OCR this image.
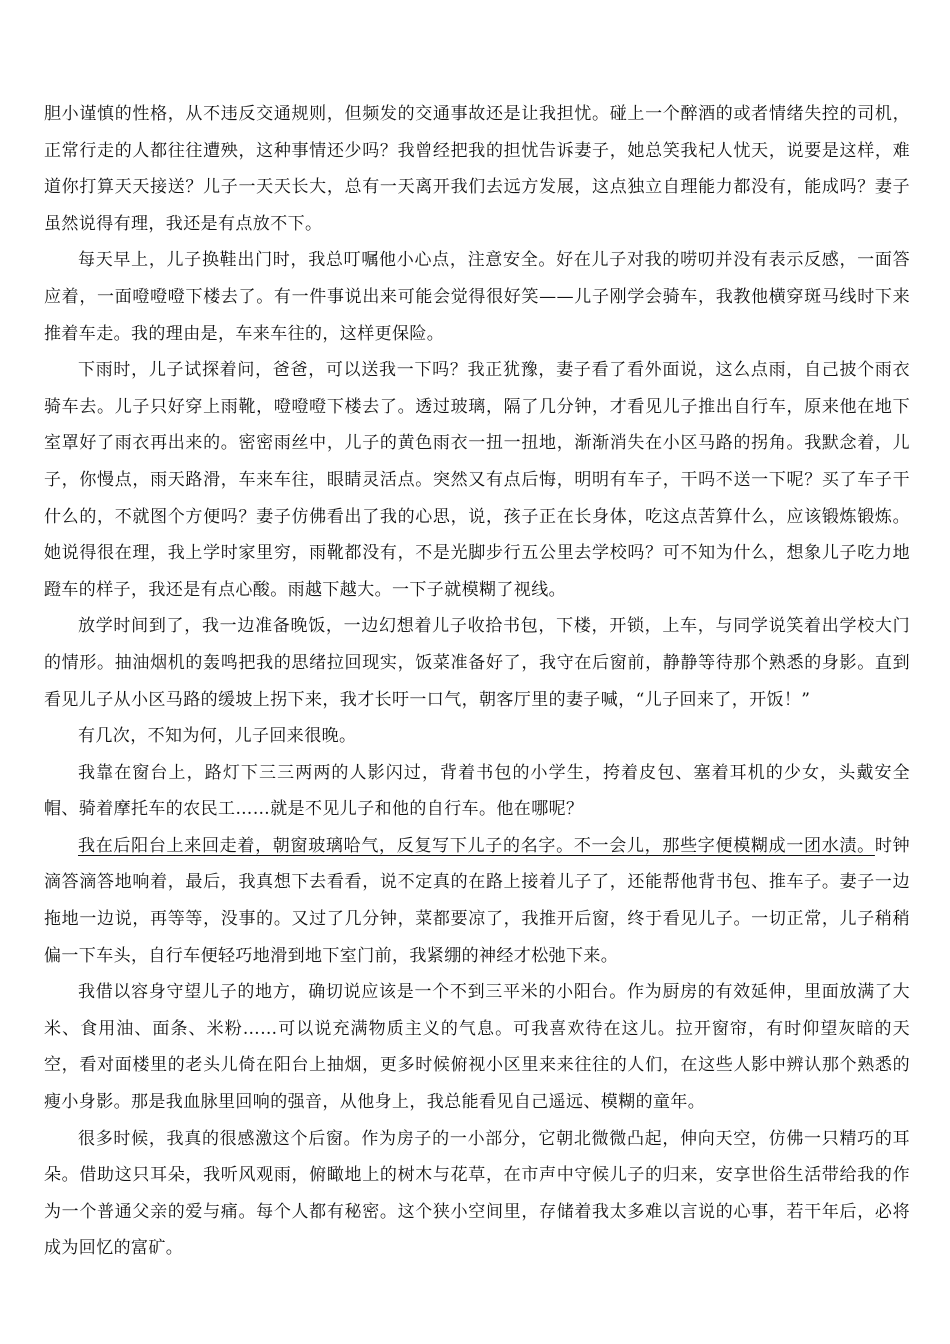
胆小谨慎的性格，从不违反交通规则，但频发的交通事故还是让我担忧。碰上一个醉酒的或者情绪失控的司机，正常行走的人都往往遭殃，这种事情还少吗？我曾经把我的担忧告诉妻子，她总笑我杞人忧天，说要是这样，难道你打算天天接送？儿子一天天长大，总有一天离开我们去远方发展，这点独立自理能力都没有，能成吗？妻子虽然说得有理，我还是有点放不下。

每天早上，儿子换鞋出门时，我总叮嘱他小心点，注意安全。好在儿子对我的唠叨并没有表示反感，一面答应着，一面噔噔噔下楼去了。有一件事说出来可能会觉得很好笑——儿子刚学会骑车，我教他横穿斑马线时下来推着车走。我的理由是，车来车往的，这样更保险。

下雨时，儿子试探着问，爸爸，可以送我一下吗？我正犹豫，妻子看了看外面说，这么点雨，自己披个雨衣骑车去。儿子只好穿上雨靴，噔噔噔下楼去了。透过玻璃，隔了几分钟，才看见儿子推出自行车，原来他在地下室罩好了雨衣再出来的。密密雨丝中，儿子的黄色雨衣一扭一扭地，渐渐消失在小区马路的拐角。我默念着，儿子，你慢点，雨天路滑，车来车往，眼睛灵活点。突然又有点后悔，明明有车子，干吗不送一下呢？买了车子干什么的，不就图个方便吗？妻子仿佛看出了我的心思，说，孩子正在长身体，吃这点苦算什么，应该锻炼锻炼。她说得很在理，我上学时家里穷，雨靴都没有，不是光脚步行五公里去学校吗？可不知为什么，想象儿子吃力地蹬车的样子，我还是有点心酸。雨越下越大。一下子就模糊了视线。

放学时间到了，我一边准备晚饭，一边幻想着儿子收拾书包，下楼，开锁，上车，与同学说笑着出学校大门的情形。抽油烟机的轰鸣把我的思绪拉回现实，饭菜准备好了，我守在后窗前，静静等待那个熟悉的身影。直到看见儿子从小区马路的缓坡上拐下来，我才长吁一口气，朝客厅里的妻子喊，“儿子回来了，开饭！”

有几次，不知为何，儿子回来很晚。

我靠在窗台上，路灯下三三两两的人影闪过，背着书包的小学生，挎着皮包、塞着耳机的少女，头戴安全帽、骑着摩托车的农民工……就是不见儿子和他的自行车。他在哪呢？

我在后阳台上来回走着，朝窗玻璃哈气，反复写下儿子的名字。不一会儿，那些字便模糊成一团水渍。时钟滴答滴答地响着，最后，我真想下去看看，说不定真的在路上接着儿子了，还能帮他背书包、推车子。妻子一边拖地一边说，再等等，没事的。又过了几分钟，菜都要凉了，我推开后窗，终于看见儿子。一切正常，儿子稍稍偏一下车头，自行车便轻巧地滑到地下室门前，我紧绷的神经才松弛下来。

我借以容身守望儿子的地方，确切说应该是一个不到三平米的小阳台。作为厨房的有效延伸，里面放满了大米、食用油、面条、米粉……可以说充满物质主义的气息。可我喜欢待在这儿。拉开窗帘，有时仰望灰暗的天空，看对面楼里的老头儿倚在阳台上抽烟，更多时候俯视小区里来来往往的人们，在这些人影中辨认那个熟悉的瘦小身影。那是我血脉里回响的强音，从他身上，我总能看见自己遥远、模糊的童年。

很多时候，我真的很感激这个后窗。作为房子的一小部分，它朝北微微凸起，伸向天空，仿佛一只精巧的耳朵。借助这只耳朵，我听风观雨，俯瞰地上的树木与花草，在市声中守候儿子的归来，安享世俗生活带给我的作为一个普通父亲的爱与痛。每个人都有秘密。这个狭小空间里，存储着我太多难以言说的心事，若干年后，必将成为回忆的富矿。
